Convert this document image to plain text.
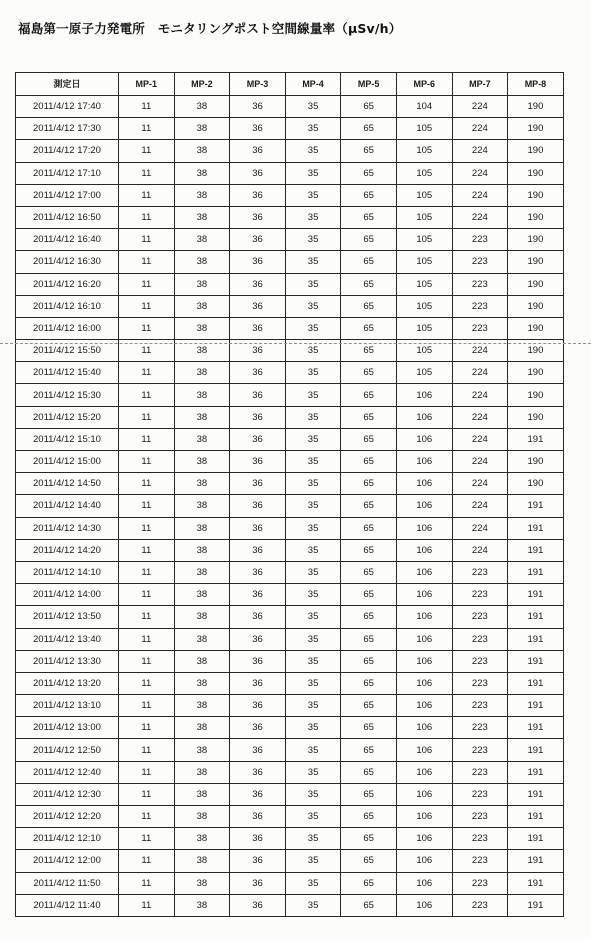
福島第一原子力発電所　モニタリングポスト空間線量率（μSv/h）
測定日	MP-1	MP-2	MP-3	MP-4	MP-5	MP-6	MP-7	MP-8
2011/4/12 17:40	11	38	36	35	65	104	224	190
2011/4/12 17:30	11	38	36	35	65	105	224	190
2011/4/12 17:20	11	38	36	35	65	105	224	190
2011/4/12 17:10	11	38	36	35	65	105	224	190
2011/4/12 17:00	11	38	36	35	65	105	224	190
2011/4/12 16:50	11	38	36	35	65	105	224	190
2011/4/12 16:40	11	38	36	35	65	105	223	190
2011/4/12 16:30	11	38	36	35	65	105	223	190
2011/4/12 16:20	11	38	36	35	65	105	223	190
2011/4/12 16:10	11	38	36	35	65	105	223	190
2011/4/12 16:00	11	38	36	35	65	105	223	190
2011/4/12 15:50	11	38	36	35	65	105	224	190
2011/4/12 15:40	11	38	36	35	65	105	224	190
2011/4/12 15:30	11	38	36	35	65	106	224	190
2011/4/12 15:20	11	38	36	35	65	106	224	190
2011/4/12 15:10	11	38	36	35	65	106	224	191
2011/4/12 15:00	11	38	36	35	65	106	224	190
2011/4/12 14:50	11	38	36	35	65	106	224	190
2011/4/12 14:40	11	38	36	35	65	106	224	191
2011/4/12 14:30	11	38	36	35	65	106	224	191
2011/4/12 14:20	11	38	36	35	65	106	224	191
2011/4/12 14:10	11	38	36	35	65	106	223	191
2011/4/12 14:00	11	38	36	35	65	106	223	191
2011/4/12 13:50	11	38	36	35	65	106	223	191
2011/4/12 13:40	11	38	36	35	65	106	223	191
2011/4/12 13:30	11	38	36	35	65	106	223	191
2011/4/12 13:20	11	38	36	35	65	106	223	191
2011/4/12 13:10	11	38	36	35	65	106	223	191
2011/4/12 13:00	11	38	36	35	65	106	223	191
2011/4/12 12:50	11	38	36	35	65	106	223	191
2011/4/12 12:40	11	38	36	35	65	106	223	191
2011/4/12 12:30	11	38	36	35	65	106	223	191
2011/4/12 12:20	11	38	36	35	65	106	223	191
2011/4/12 12:10	11	38	36	35	65	106	223	191
2011/4/12 12:00	11	38	36	35	65	106	223	191
2011/4/12 11:50	11	38	36	35	65	106	223	191
2011/4/12 11:40	11	38	36	35	65	106	223	191
